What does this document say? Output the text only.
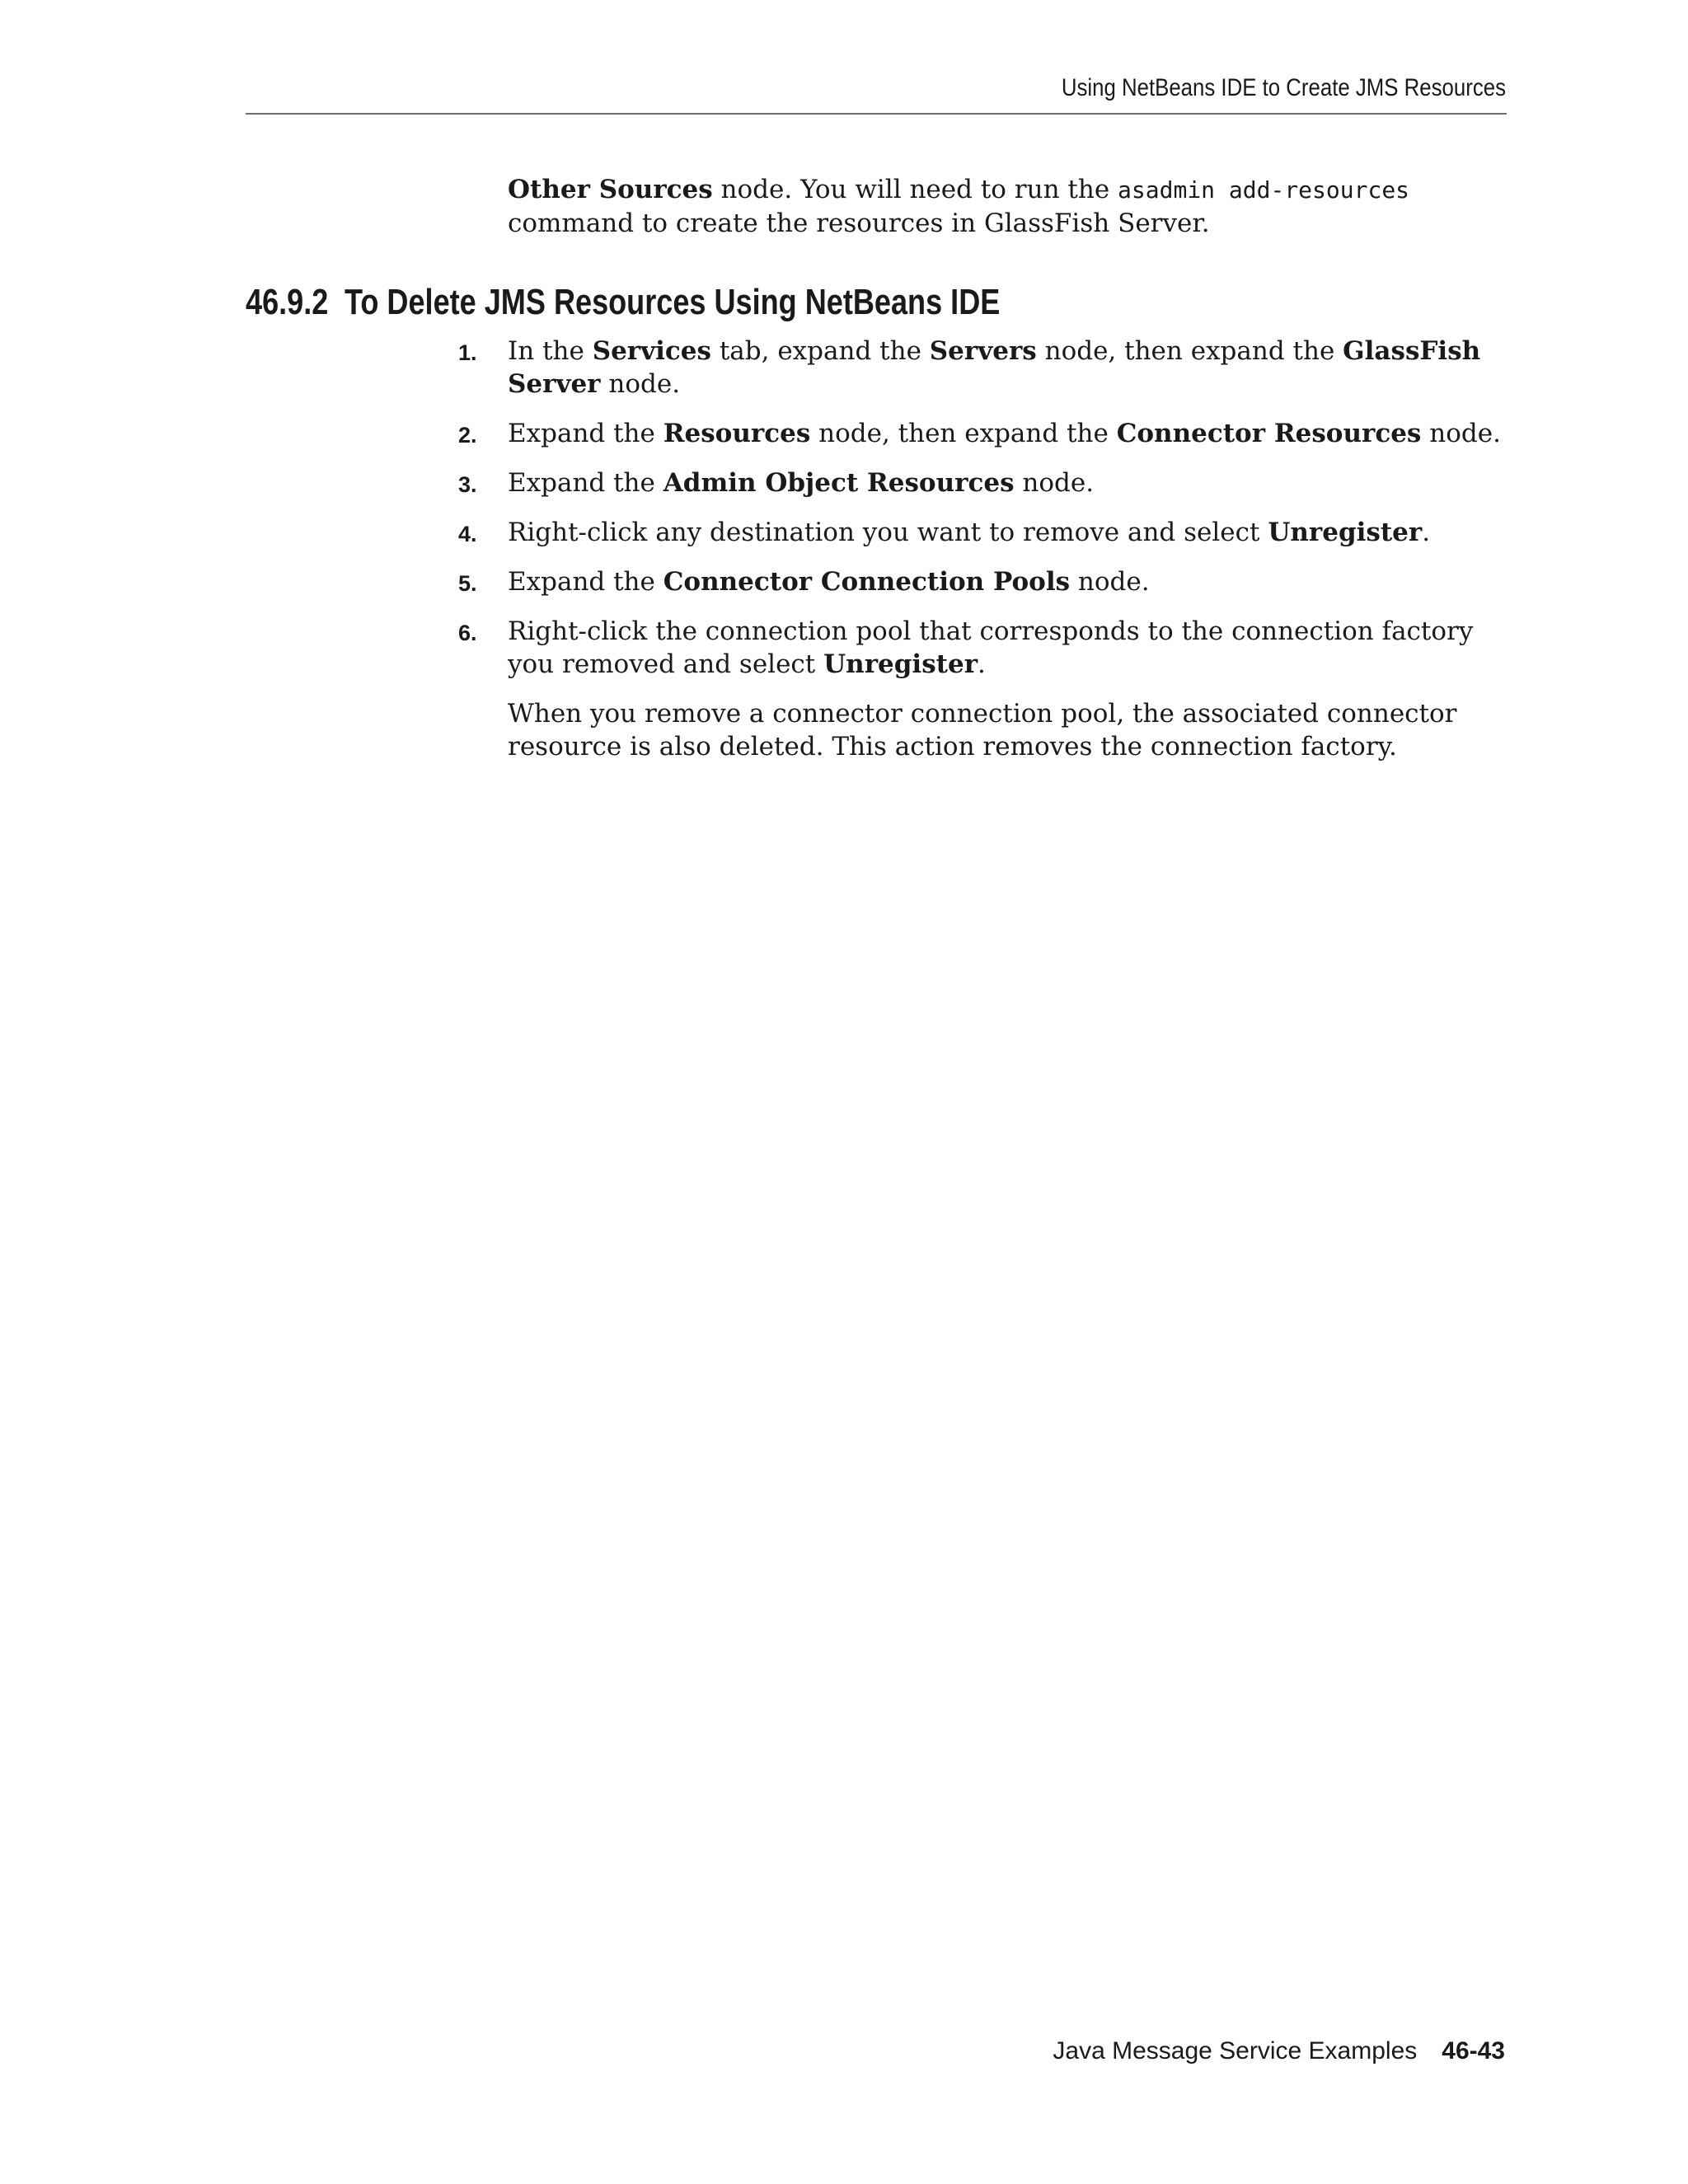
Using NetBeans IDE to Create JMS Resources

Other Sources node. You will need to run the asadmin add-resources command to create the resources in GlassFish Server.

46.9.2 To Delete JMS Resources Using NetBeans IDE
1. In the Services tab, expand the Servers node, then expand the GlassFish Server node.

2. Expand the Resources node, then expand the Connector Resources node.

3. Expand the Admin Object Resources node.

4. Right-click any destination you want to remove and select Unregister.

5. Expand the Connector Connection Pools node.

6. Right-click the connection pool that corresponds to the connection factory you removed and select Unregister.

When you remove a connector connection pool, the associated connector resource is also deleted. This action removes the connection factory.

Java Message Service Examples 46-43
